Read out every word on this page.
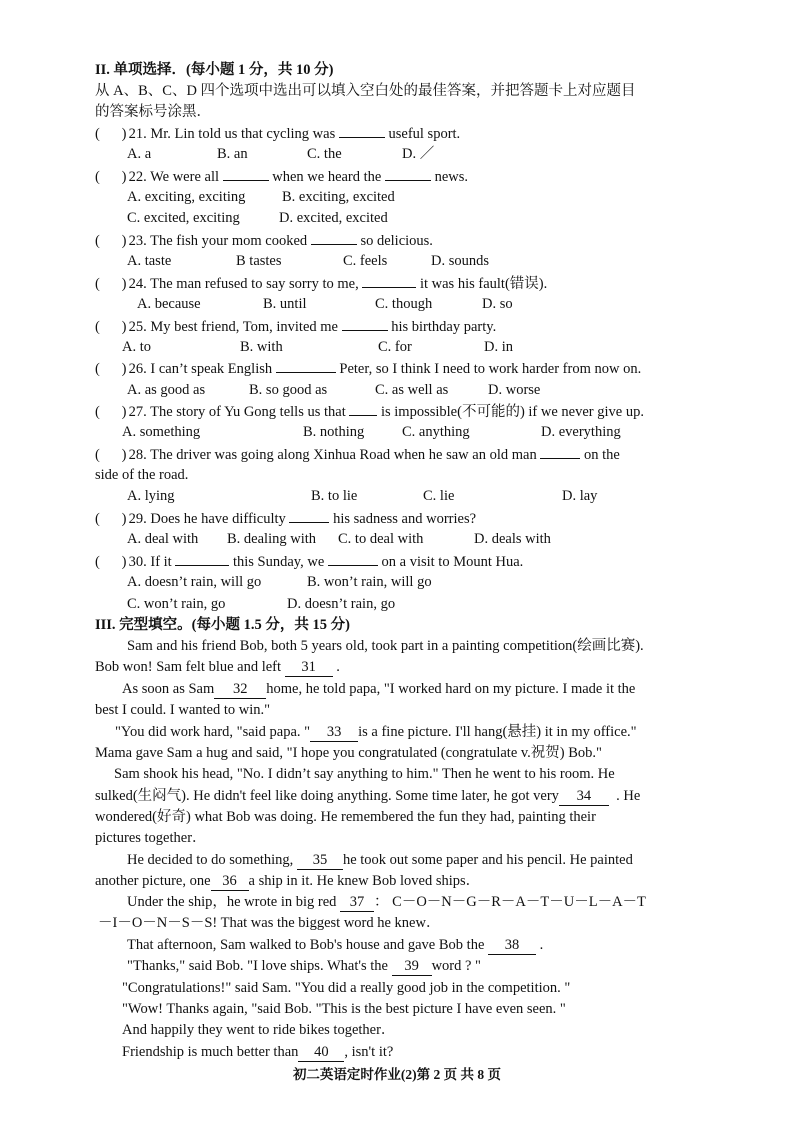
II. 单项选择．(每小题 1 分，共 10 分)
从 A、B、C、D 四个选项中选出可以填入空白处的最佳答案，并把答题卡上对应题目
的答案标号涂黑．
(      ) 21. Mr. Lin told us that cycling was	useful sport.
A. a	B. an	C. the	D. ／
(      ) 22. We were all	when we heard the	news.
A. exciting, exciting	B. exciting, excited
C. excited, exciting	D. excited, excited
(      ) 23. The fish your mom cooked	so delicious.
A. taste	B tastes	C. feels	D. sounds
(      ) 24. The man refused to say sorry to me,	it was his fault(错误).
A. because	B. until	C. though	D. so
(      ) 25. My best friend, Tom, invited me	his birthday party.
A. to	B. with	C. for	D. in
(      ) 26. I can’t speak English	Peter, so I think I need to work harder from now on.
A. as good as	B. so good as	C. as well as	D. worse
(      ) 27. The story of Yu Gong tells us that is impossible(不可能的) if we never give up.
A. something	B. nothing	C. anything	D. everything
(      ) 28. The driver was going along Xinhua Road when he saw an old man	on the
side of the road.
A. lying	B. to lie	C. lie	D. lay
(      ) 29. Does he have difficulty	his sadness and worries?
A. deal with B. dealing with C. to deal with	D. deals with
(      ) 30. If it	this Sunday, we	on a visit to Mount Hua.
A. doesn’t rain, will go	B. won’t rain, will go
C. won’t rain, go	D. doesn’t rain, go
III. 完型填空。(每小题 1.5 分，共 15 分)
Sam and his friend Bob, both 5 years old, took part in a painting competition(绘画比赛).
Bob won! Sam felt blue and left 31 .
As soon as Sam 32 home, he told papa, "I worked hard on my picture. I made it the
best I could. I wanted to win."
"You did work hard, "said papa. " 33 is a fine picture. I'll hang(悬挂) it in my office."
Mama gave Sam a hug and said, "I hope you congratulated (congratulate v.祝贺) Bob."
Sam shook his head, "No. I didn’t say anything to him." Then he went to his room. He
sulked(生闷气). He didn't feel like doing anything. Some time later, he got very 34 . He
wondered(好奇) what Bob was doing. He remembered the fun they had, painting their
pictures together．
He decided to do something, 35 he took out some paper and his pencil. He painted
another picture, one 36 a ship in it. He knew Bob loved ships．
Under the ship，he wrote in big red 37 ： C－O－N－G－R－A－T－U－L－A－T
－I－O－N－S－S! That was the biggest word he knew．
That afternoon, Sam walked to Bob's house and gave Bob the 38 .
"Thanks," said Bob. "I love ships. What's the 39 word ? "
"Congratulations!" said Sam. "You did a really good job in the competition. "
"Wow! Thanks again, "said Bob. "This is the best picture I have even seen. "
And happily they went to ride bikes together．
Friendship is much better than 40 , isn't it?
初二英语定时作业(2)第 2 页 共 8 页
